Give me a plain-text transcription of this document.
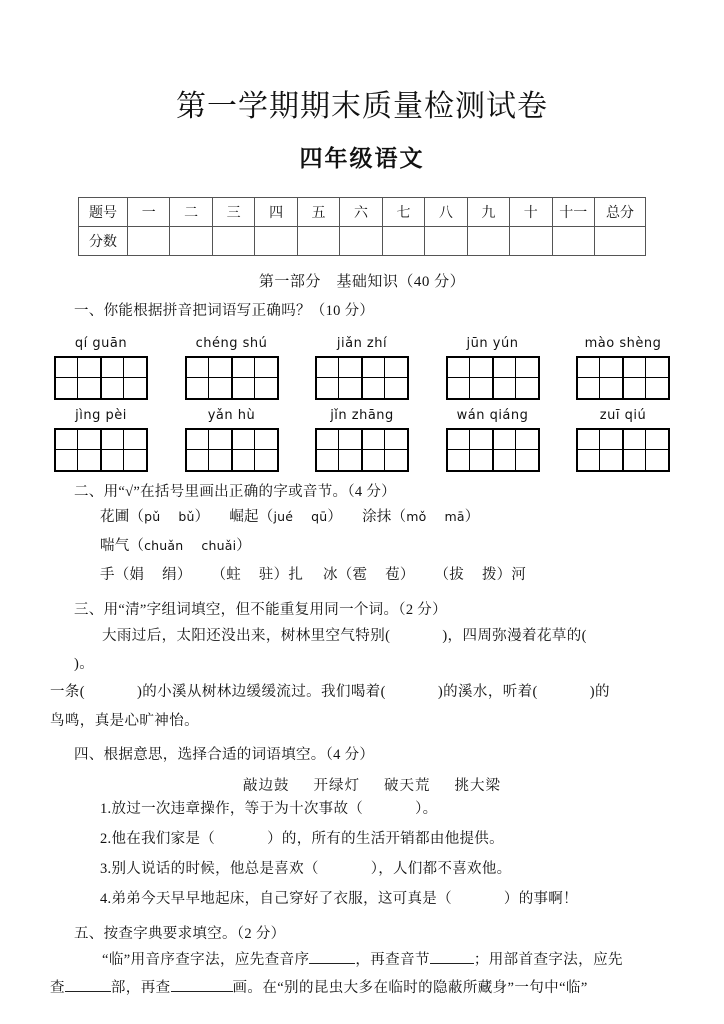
第一学期期末质量检测试卷
四年级语文
题号	一	二	三	四	五	六	七	八	九	十	十一	总分
分数												
第一部分　基础知识（40 分）
一、你能根据拼音把词语写正确吗？（10 分）
qí guān	chéng shú	jiǎn zhí	jūn yún	mào shèng
jìng pèi	yǎn hù	jǐn zhāng	wán qiáng	zuī qiú
二、用“√”在括号里画出正确的字或音节。（4 分）
花圃（pǔ bǔ） 崛起（jué qū） 涂抹（mǒ mā）喘气（chuǎn chuǎi）
手（娟 绢） （蛀 驻）扎 冰（雹 苞） （拔 拨）河
三、用“清”字组词填空，但不能重复用同一个词。（2 分）
大雨过后，太阳还没出来，树林里空气特别(	)，四周弥漫着花草的()。
一条(	)的小溪从树林边缓缓流过。我们喝着(	)的溪水，听着(	)的
鸟鸣，真是心旷神怡。
四、根据意思，选择合适的词语填空。（4 分）
敲边鼓 开绿灯 破天荒 挑大梁
1.放过一次违章操作，等于为十次事故（	）。
2.他在我们家是（	）的，所有的生活开销都由他提供。
3.别人说话的时候，他总是喜欢（	），人们都不喜欢他。
4.弟弟今天早早地起床，自己穿好了衣服，这可真是（	）的事啊！
五、按查字典要求填空。（2 分）
“临”用音序查字法，应先查音序	，再查音节	；用部首查字法，应先
查	部，再查	画。在“别的昆虫大多在临时的隐蔽所藏身”一句中“临”
